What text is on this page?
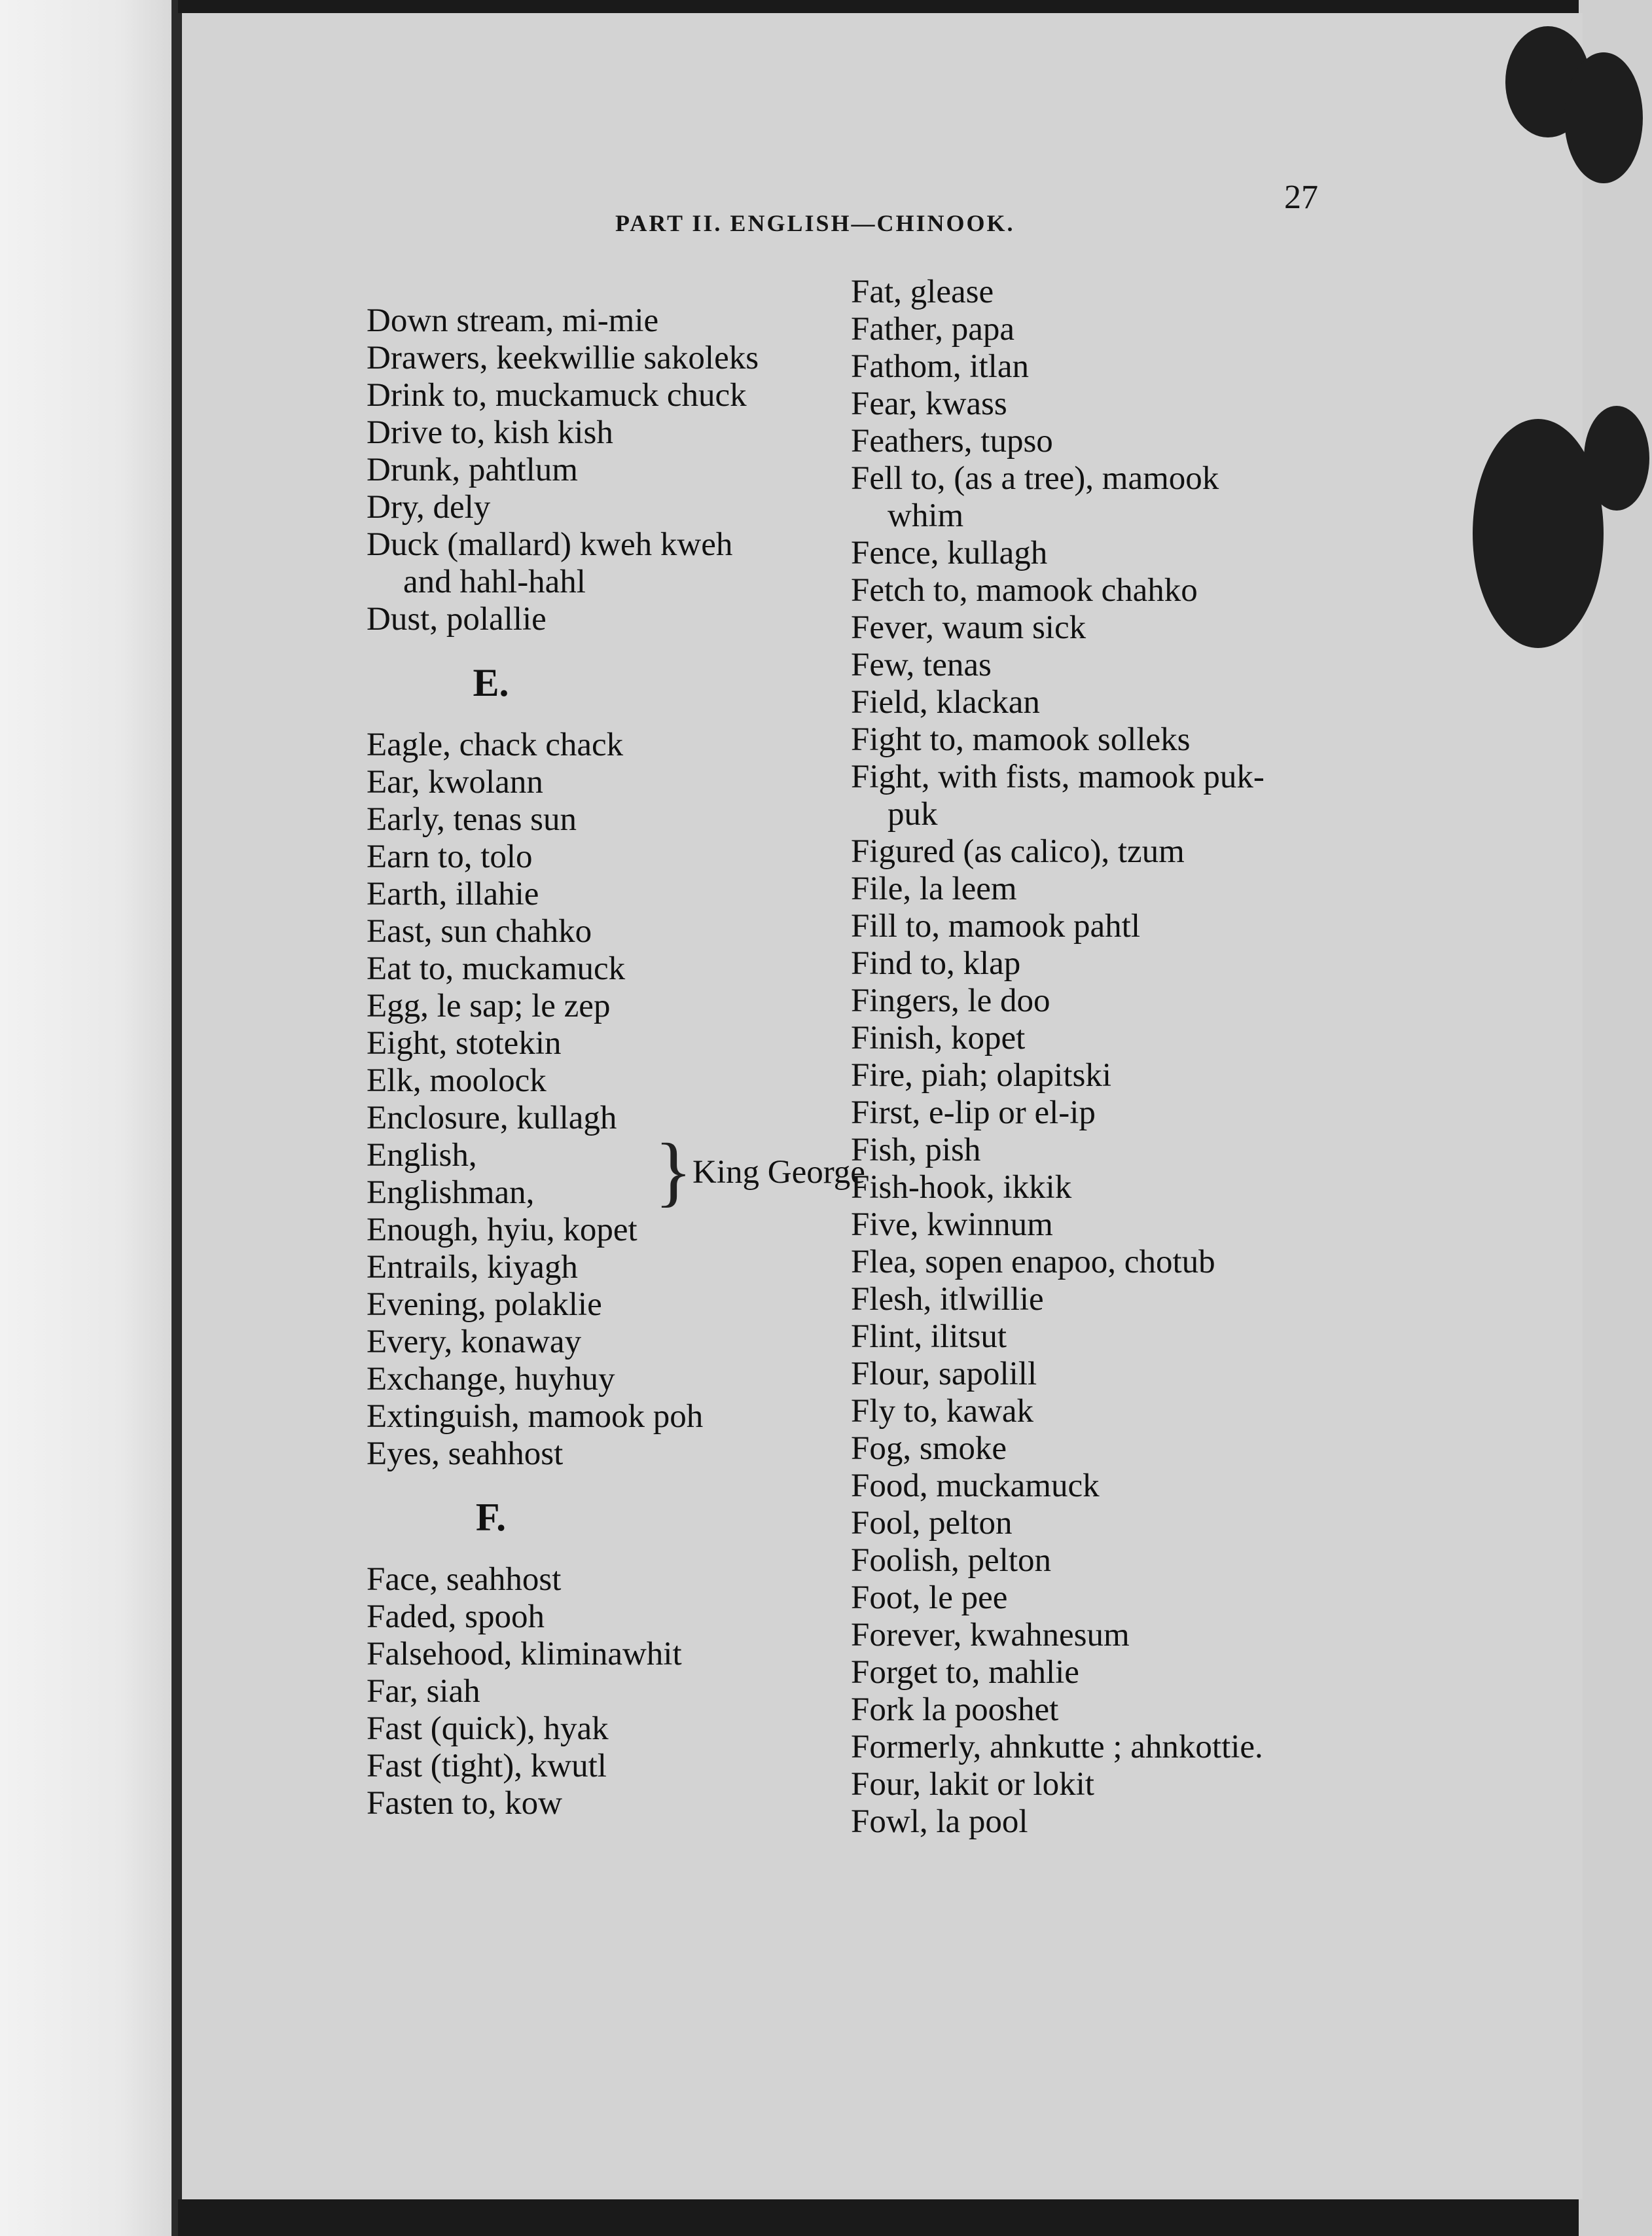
PART II. ENGLISH—CHINOOK.
27
Down stream, mi-mie
Drawers, keekwillie sakoleks
Drink to, muckamuck chuck
Drive to, kish kish
Drunk, pahtlum
Dry, dely
Duck (mallard) kweh kweh
and hahl-hahl
Dust, polallie
E.
Eagle, chack chack
Ear, kwolann
Early, tenas sun
Earn to, tolo
Earth, illahie
East, sun chahko
Eat to, muckamuck
Egg, le sap; le zep
Eight, stotekin
Elk, moolock
Enclosure, kullagh
English,
Englishman,	} King George
Enough, hyiu, kopet
Entrails, kiyagh
Evening, polaklie
Every, konaway
Exchange, huyhuy
Extinguish, mamook poh
Eyes, seahhost
F.
Face, seahhost
Faded, spooh
Falsehood, kliminawhit
Far, siah
Fast (quick), hyak
Fast (tight), kwutl
Fasten to, kow
Fat, glease
Father, papa
Fathom, itlan
Fear, kwass
Feathers, tupso
Fell to, (as a tree), mamook
whim
Fence, kullagh
Fetch to, mamook chahko
Fever, waum sick
Few, tenas
Field, klackan
Fight to, mamook solleks
Fight, with fists, mamook puk-
puk
Figured (as calico), tzum
File, la leem
Fill to, mamook pahtl
Find to, klap
Fingers, le doo
Finish, kopet
Fire, piah; olapitski
First, e-lip or el-ip
Fish, pish
Fish-hook, ikkik
Five, kwinnum
Flea, sopen enapoo, chotub
Flesh, itlwillie
Flint, ilitsut
Flour, sapolill
Fly to, kawak
Fog, smoke
Food, muckamuck
Fool, pelton
Foolish, pelton
Foot, le pee
Forever, kwahnesum
Forget to, mahlie
Fork la pooshet
Formerly, ahnkutte ; ahnkottie.
Four, lakit or lokit
Fowl, la pool
